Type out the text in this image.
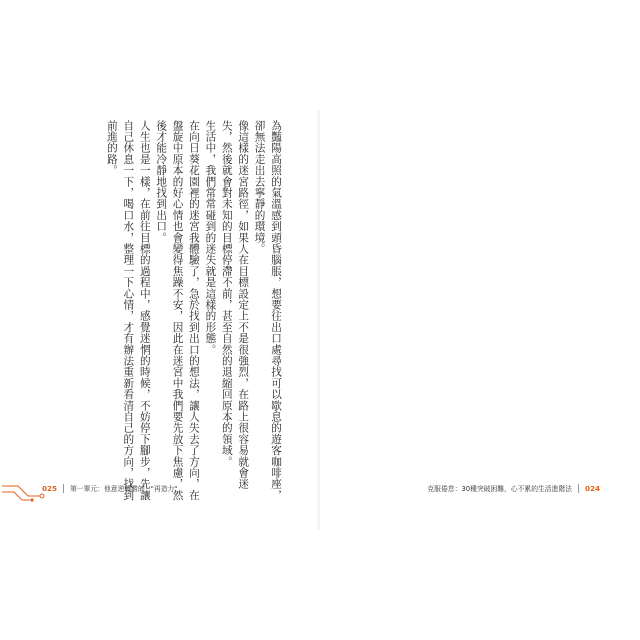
為豔陽高照的氣溫感到頭昏腦脹，想要往出口處尋找可以歇息的遊客咖啡座，卻無法走出去寧靜的環境。
像這樣的迷宮路徑，如果人在目標設定上不是很強烈，在路上很容易就會迷失，然後就會對未知的目標停滯不前，甚至自然的退縮回原本的領域。
生活中，我們常常碰到的迷失就是這樣的形態。
在向日葵花園裡的迷宮我體驗了，急於找到出口的想法，讓人失去了方向，在盤旋中原本的好心情也會變得焦躁不安，因此在迷宮中我們要先放下焦慮，然後才能冷靜地找到出口。
人生也是一樣，在前往目標的過程中，感覺迷惘的時候，不妨停下腳步，先讓自己休息一下，喝口水，整理一下心情，才有辦法重新看清自己的方向，找到前進的路。
025 第一單元：他意逆轉勝的 "再造力"	克服倦怠：30種突破困難，心不累的生活進階法 024
